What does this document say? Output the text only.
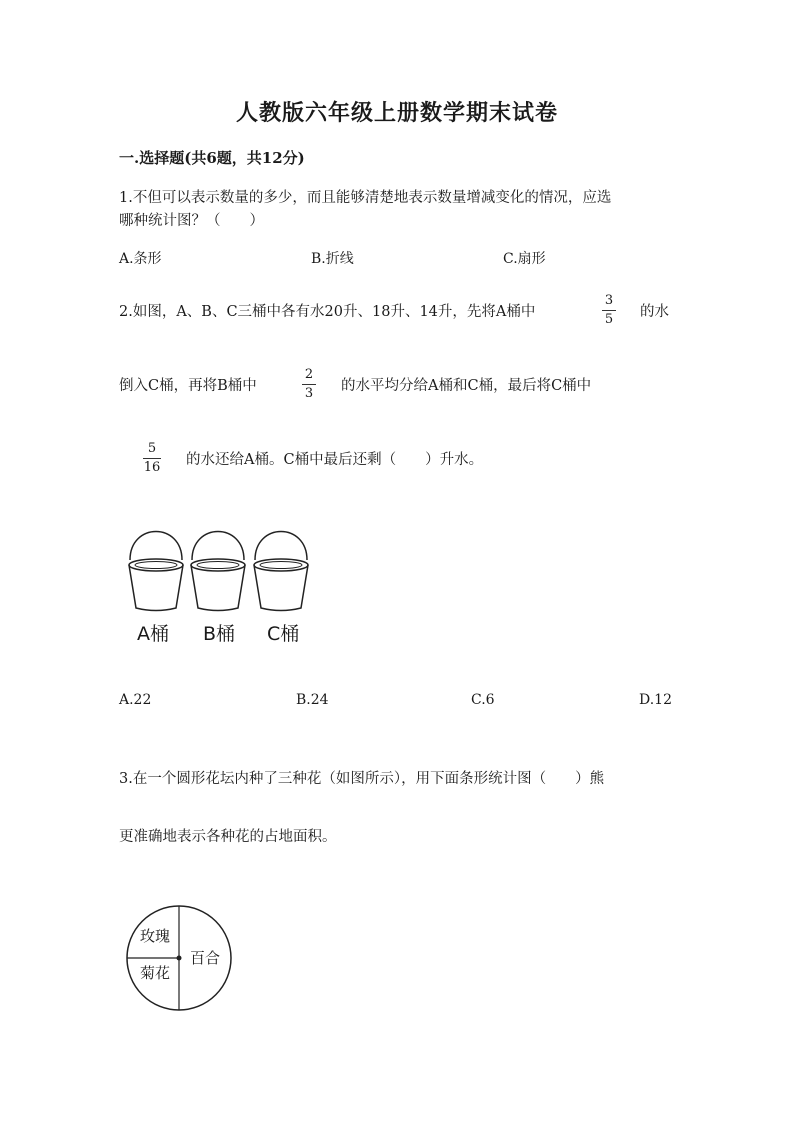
人教版六年级上册数学期末试卷
一.选择题(共6题，共12分)
1.不但可以表示数量的多少，而且能够清楚地表示数量增减变化的情况，应选
哪种统计图？（　　）
A.条形	B.折线	C.扇形
2.如图，A、B、C三桶中各有水20升、18升、14升，先将A桶中
3
5 的水
倒入C桶，再将B桶中
2
3 的水平均分给A桶和C桶，最后将C桶中
5
16 的水还给A桶。C桶中最后还剩（　　）升水。
A桶 B桶 C桶
A.22	B.24	C.6	D.12
3.在一个圆形花坛内种了三种花（如图所示），用下面条形统计图（　　）熊
更准确地表示各种花的占地面积。
玫瑰
百合
菊花
